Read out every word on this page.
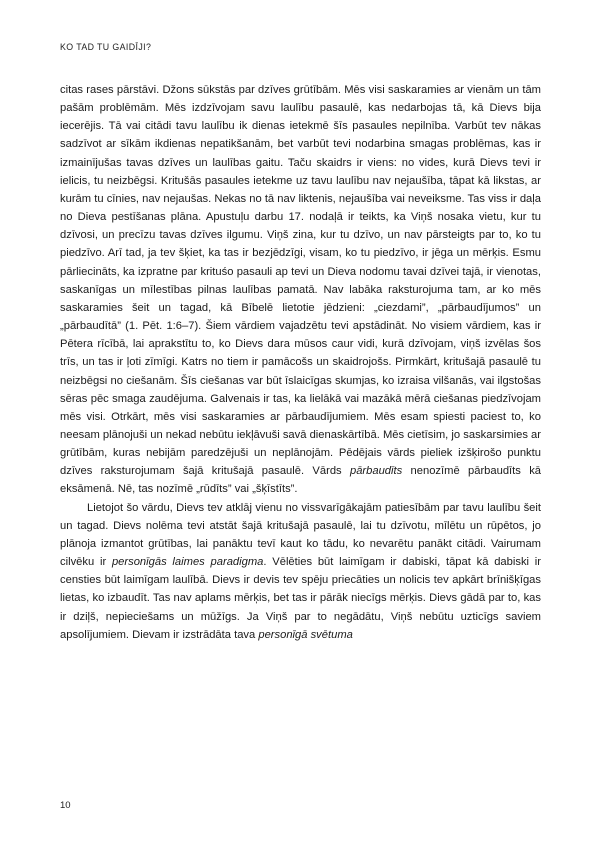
KO TAD TU GAIDĪJI?

citas rases pārstāvi. Džons sūkstās par dzīves grūtībām. Mēs visi saskaramies ar vienām un tām pašām problēmām. Mēs izdzīvojam savu laulību pasaulē, kas nedarbojas tā, kā Dievs bija iecerējis. Tā vai citādi tavu laulību ik dienas ietekmē šīs pasaules nepilnība. Varbūt tev nākas sadzīvot ar sīkām ikdienas nepatikšanām, bet varbūt tevi nodarbina smagas problēmas, kas ir izmainījušas tavas dzīves un laulības gaitu. Taču skaidrs ir viens: no vides, kurā Dievs tevi ir ielicis, tu neizbēgsi. Kritušās pasaules ietekme uz tavu laulību nav nejaušība, tāpat kā likstas, ar kurām tu cīnies, nav nejaušas. Nekas no tā nav liktenis, nejaušība vai neveiksme. Tas viss ir daļa no Dieva pestīšanas plāna. Apustuļu darbu 17. nodaļā ir teikts, ka Viņš nosaka vietu, kur tu dzīvosi, un precīzu tavas dzīves ilgumu. Viņš zina, kur tu dzīvo, un nav pārsteigts par to, ko tu piedzīvo. Arī tad, ja tev šķiet, ka tas ir bezjēdzīgi, visam, ko tu piedzīvo, ir jēga un mērķis. Esmu pārliecināts, ka izpratne par krituśo pasauli ap tevi un Dieva nodomu tavai dzīvei tajā, ir vienotas, saskanīgas un mīlestības pilnas laulības pamatā. Nav labāka raksturojuma tam, ar ko mēs saskaramies šeit un tagad, kā Bībelē lietotie jēdzieni: „ciezdami”, „pārbaudījumos” un „pārbaudītā” (1. Pēt. 1:6–7). Šiem vārdiem vajadzētu tevi apstādināt. No visiem vārdiem, kas ir Pētera rīcībā, lai aprakstītu to, ko Dievs dara mūsos caur vidi, kurā dzīvojam, viņš izvēlas šos trīs, un tas ir ļoti zīmīgi. Katrs no tiem ir pamācošs un skaidrojošs. Pirmkārt, kritušajā pasaulē tu neizbēgsi no ciešanām. Šīs ciešanas var būt īslaicīgas skumjas, ko izraisa vilšanās, vai ilgstošas sēras pēc smaga zaudējuma. Galvenais ir tas, ka lielākā vai mazākā mērā ciešanas piedzīvojam mēs visi. Otrkārt, mēs visi saskaramies ar pārbaudījumiem. Mēs esam spiesti paciest to, ko neesam plānojuši un nekad nebūtu iekļāvuši savā dienaskārtībā. Mēs cietīsim, jo saskarsimies ar grūtībām, kuras nebijām paredzējuši un neplānojām. Pēdējais vārds pieliek izšķirošo punktu dzīves raksturojumam šajā kritušajā pasaulē. Vārds pārbaudīts nenozīmē pārbaudīts kā eksāmenā. Nē, tas nozīmē „rūdīts” vai „šķīstīts”.

Lietojot šo vārdu, Dievs tev atklāj vienu no vissvarīgākajām patiesībām par tavu laulību šeit un tagad. Dievs nolēma tevi atstāt šajā kritušajā pasaulē, lai tu dzīvotu, mīlētu un rūpētos, jo plānoja izmantot grūtības, lai panāktu tevī kaut ko tādu, ko nevarētu panākt citādi. Vairumam cilvēku ir personīgās laimes paradigma. Vēlēties būt laimīgam ir dabiski, tāpat kā dabiski ir censties būt laimīgam laulībā. Dievs ir devis tev spēju priecāties un nolicis tev apkārt brīnišķīgas lietas, ko izbaudīt. Tas nav aplams mērķis, bet tas ir pārāk niecīgs mērķis. Dievs gādā par to, kas ir dziļš, nepieciešams un mūžīgs. Ja Viņš par to negādātu, Viņš nebūtu uzticīgs saviem apsolījumiem. Dievam ir izstrādāta tava personīgā svētuma

10
